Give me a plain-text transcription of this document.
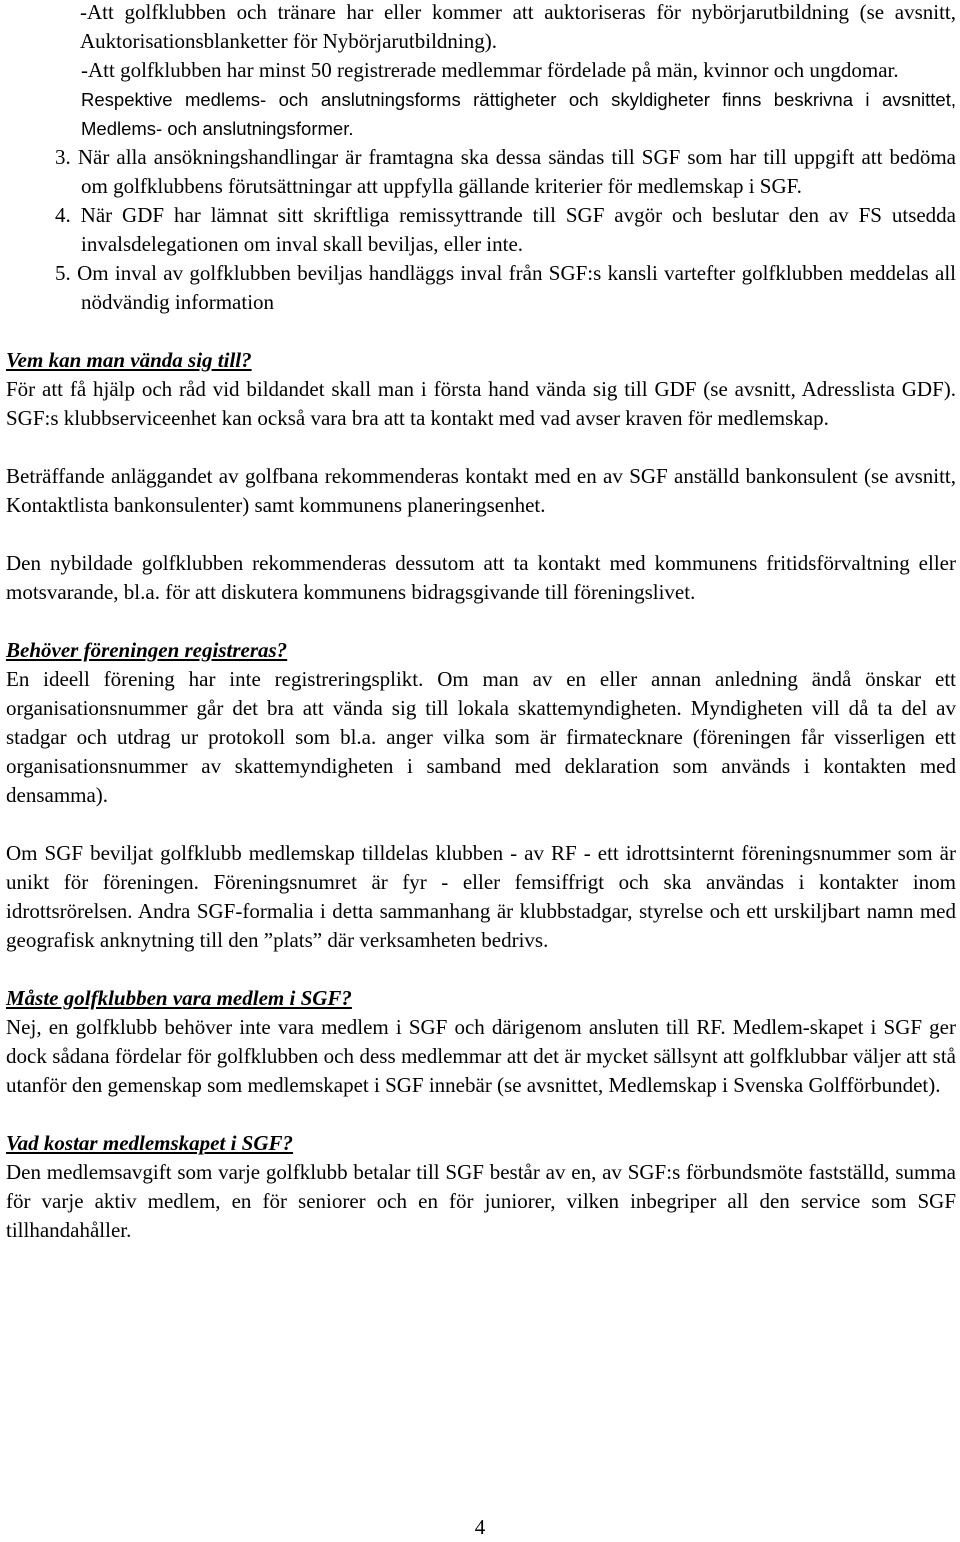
-Att golfklubben och tränare har eller kommer att auktoriseras för nybörjarutbildning (se avsnitt, Auktorisationsblanketter för Nybörjarutbildning).

-Att golfklubben har minst 50 registrerade medlemmar fördelade på män, kvinnor och ungdomar.

Respektive medlems- och anslutningsforms rättigheter och skyldigheter finns beskrivna i avsnittet, Medlems- och anslutningsformer.

3. När alla ansökningshandlingar är framtagna ska dessa sändas till SGF som har till uppgift att bedöma om golfklubbens förutsättningar att uppfylla gällande kriterier för medlemskap i SGF.

4. När GDF har lämnat sitt skriftliga remissyttrande till SGF avgör och beslutar den av FS utsedda invalsdelegationen om inval skall beviljas, eller inte.

5. Om inval av golfklubben beviljas handläggs inval från SGF:s kansli vartefter golfklubben meddelas all nödvändig information

Vem kan man vända sig till?

För att få hjälp och råd vid bildandet skall man i första hand vända sig till GDF (se avsnitt, Adresslista GDF). SGF:s klubbserviceenhet kan också vara bra att ta kontakt med vad avser kraven för medlemskap.

Beträffande anläggandet av golfbana rekommenderas kontakt med en av SGF anställd bankonsulent (se avsnitt, Kontaktlista bankonsulenter) samt kommunens planeringsenhet.

Den nybildade golfklubben rekommenderas dessutom att ta kontakt med kommunens fritidsförvaltning eller motsvarande, bl.a. för att diskutera kommunens bidragsgivande till föreningslivet.

Behöver föreningen registreras?

En ideell förening har inte registreringsplikt. Om man av en eller annan anledning ändå önskar ett organisationsnummer går det bra att vända sig till lokala skattemyndigheten. Myndigheten vill då ta del av stadgar och utdrag ur protokoll som bl.a. anger vilka som är firmatecknare (föreningen får visserligen ett organisationsnummer av skattemyndigheten i samband med deklaration som används i kontakten med densamma).

Om SGF beviljat golfklubb medlemskap tilldelas klubben - av RF - ett idrottsinternt föreningsnummer som är unikt för föreningen. Föreningsnumret är fyr - eller femsiffrigt och ska användas i kontakter inom idrottsrörelsen. Andra SGF-formalia i detta sammanhang är klubbstadgar, styrelse och ett urskiljbart namn med geografisk anknytning till den ”plats” där verksamheten bedrivs.

Måste golfklubben vara medlem i SGF?

Nej, en golfklubb behöver inte vara medlem i SGF och därigenom ansluten till RF. Medlem-skapet i SGF ger dock sådana fördelar för golfklubben och dess medlemmar att det är mycket sällsynt att golfklubbar väljer att stå utanför den gemenskap som medlemskapet i SGF innebär (se avsnittet, Medlemskap i Svenska Golfförbundet).

Vad kostar medlemskapet i SGF?

Den medlemsavgift som varje golfklubb betalar till SGF består av en, av SGF:s förbundsmöte fastställd, summa för varje aktiv medlem, en för seniorer och en för juniorer, vilken inbegriper all den service som SGF tillhandahåller.

4
